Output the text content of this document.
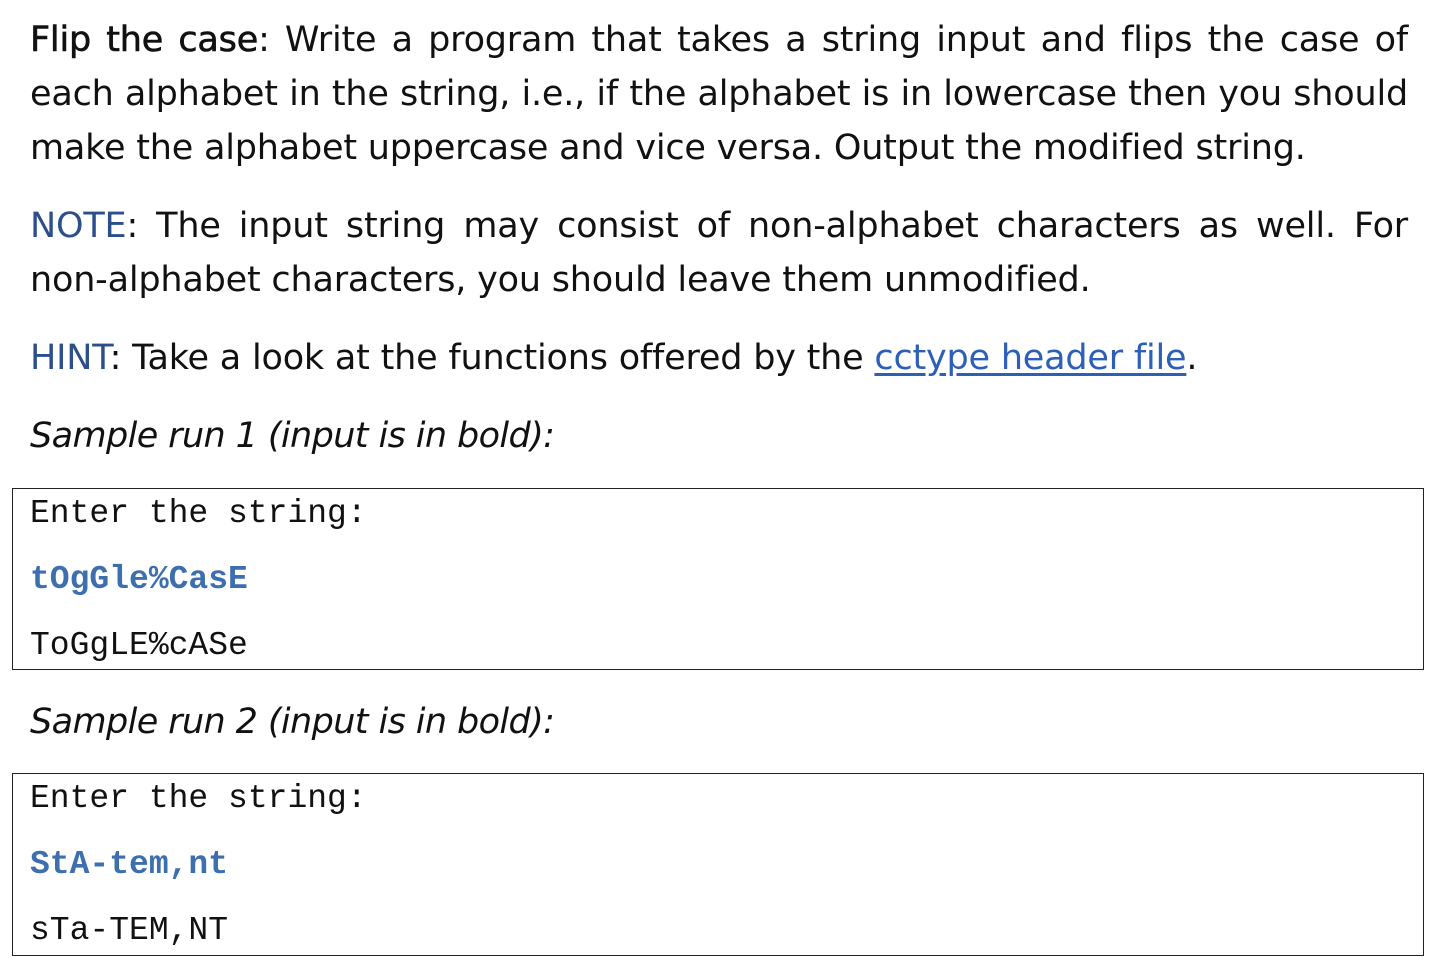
Flip the case: Write a program that takes a string input and flips the case of each alphabet in the string, i.e., if the alphabet is in lowercase then you should make the alphabet uppercase and vice versa. Output the modified string.

NOTE: The input string may consist of non-alphabet characters as well. For non-alphabet characters, you should leave them unmodified.

HINT: Take a look at the functions offered by the cctype header file.

Sample run 1 (input is in bold):
Sample run 2 (input is in bold):
Enter the string:
tOgGle%CasE
ToGgLE%cASe
Enter the string:
StA-tem,nt
sTa-TEM,NT
